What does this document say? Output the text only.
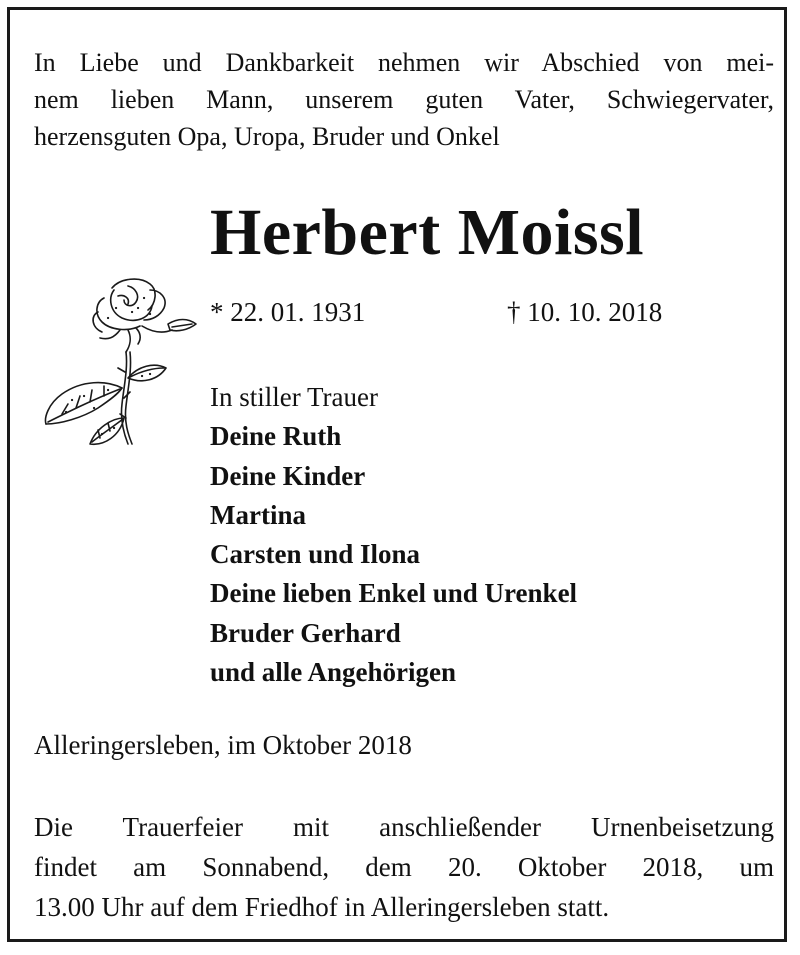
In Liebe und Dankbarkeit nehmen wir Abschied von mei-
nem lieben Mann, unserem guten Vater, Schwiegervater,
herzensguten Opa, Uropa, Bruder und Onkel
Herbert Moissl
* 22. 01. 1931	† 10. 10. 2018
In stiller Trauer
Deine Ruth
Deine Kinder
Martina
Carsten und Ilona
Deine lieben Enkel und Urenkel
Bruder Gerhard
und alle Angehörigen
Alleringersleben, im Oktober 2018
Die Trauerfeier mit anschließender Urnenbeisetzung
findet am Sonnabend, dem 20. Oktober 2018, um
13.00 Uhr auf dem Friedhof in Alleringersleben statt.
